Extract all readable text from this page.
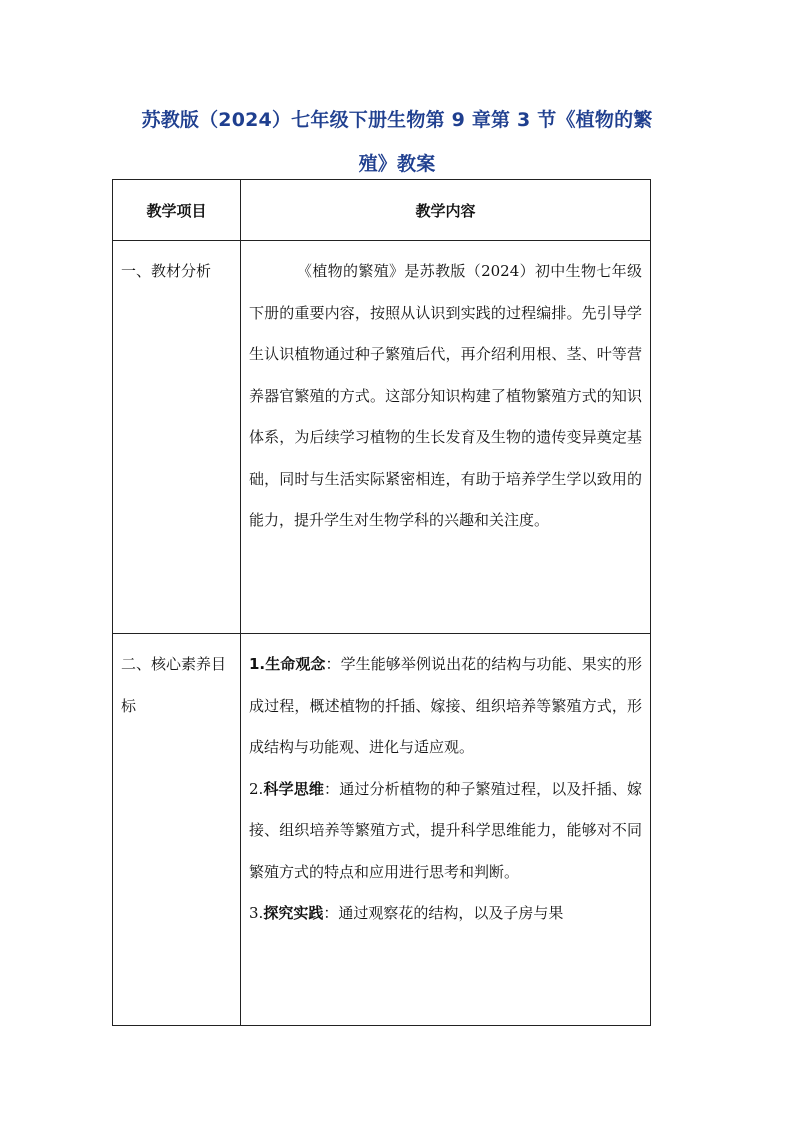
苏教版（2024）七年级下册生物第 9 章第 3 节《植物的繁
殖》教案
教学项目	教学内容
一、教材分析	《植物的繁殖》是苏教版（2024）初中生物七年级下册的重要内容，按照从认识到实践的过程编排。先引导学生认识植物通过种子繁殖后代，再介绍利用根、茎、叶等营养器官繁殖的方式。这部分知识构建了植物繁殖方式的知识体系，为后续学习植物的生长发育及生物的遗传变异奠定基础，同时与生活实际紧密相连，有助于培养学生学以致用的能力，提升学生对生物学科的兴趣和关注度。

二、核心素养目标	1.生命观念：学生能够举例说出花的结构与功能、果实的形成过程，概述植物的扦插、嫁接、组织培养等繁殖方式，形成结构与功能观、进化与适应观。

2.科学思维：通过分析植物的种子繁殖过程，以及扦插、嫁接、组织培养等繁殖方式，提升科学思维能力，能够对不同繁殖方式的特点和应用进行思考和判断。

3.探究实践：通过观察花的结构，以及子房与果
